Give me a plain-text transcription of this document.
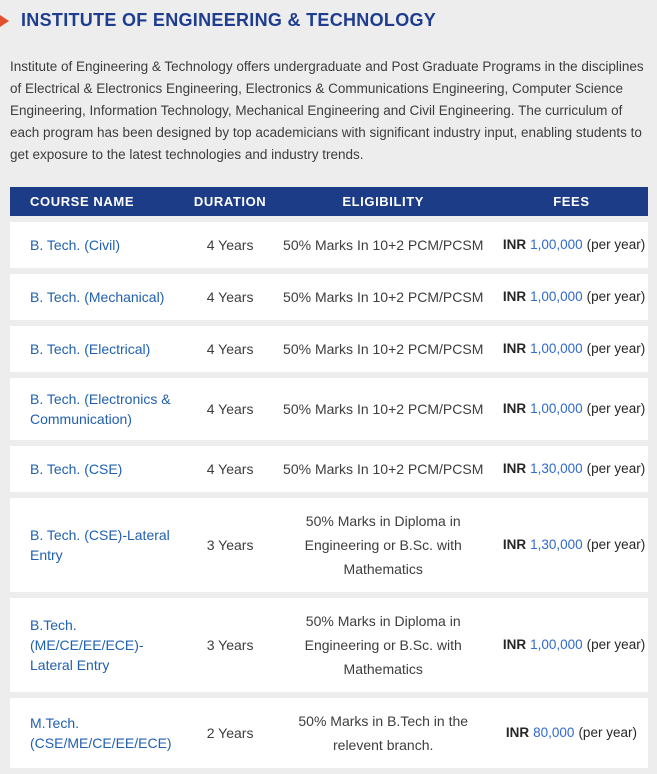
INSTITUTE OF ENGINEERING & TECHNOLOGY

Institute of Engineering & Technology offers undergraduate and Post Graduate Programs in the disciplines of Electrical & Electronics Engineering, Electronics & Communications Engineering, Computer Science Engineering, Information Technology, Mechanical Engineering and Civil Engineering. The curriculum of each program has been designed by top academicians with significant industry input, enabling students to get exposure to the latest technologies and industry trends.

COURSE NAME	DURATION	ELIGIBILITY	FEES
B. Tech. (Civil)	4 Years	50% Marks In 10+2 PCM/PCSM	INR 1,00,000 (per year)
B. Tech. (Mechanical)	4 Years	50% Marks In 10+2 PCM/PCSM	INR 1,00,000 (per year)
B. Tech. (Electrical)	4 Years	50% Marks In 10+2 PCM/PCSM	INR 1,00,000 (per year)
B. Tech. (Electronics & Communication)	4 Years	50% Marks In 10+2 PCM/PCSM	INR 1,00,000 (per year)
B. Tech. (CSE)	4 Years	50% Marks In 10+2 PCM/PCSM	INR 1,30,000 (per year)
B. Tech. (CSE)-Lateral Entry	3 Years	50% Marks in Diploma in Engineering or B.Sc. with Mathematics	INR 1,30,000 (per year)
B.Tech. (ME/CE/EE/ECE)- Lateral Entry	3 Years	50% Marks in Diploma in Engineering or B.Sc. with Mathematics	INR 1,00,000 (per year)
M.Tech. (CSE/ME/CE/EE/ECE)	2 Years	50% Marks in B.Tech in the relevent branch.	INR 80,000 (per year)
